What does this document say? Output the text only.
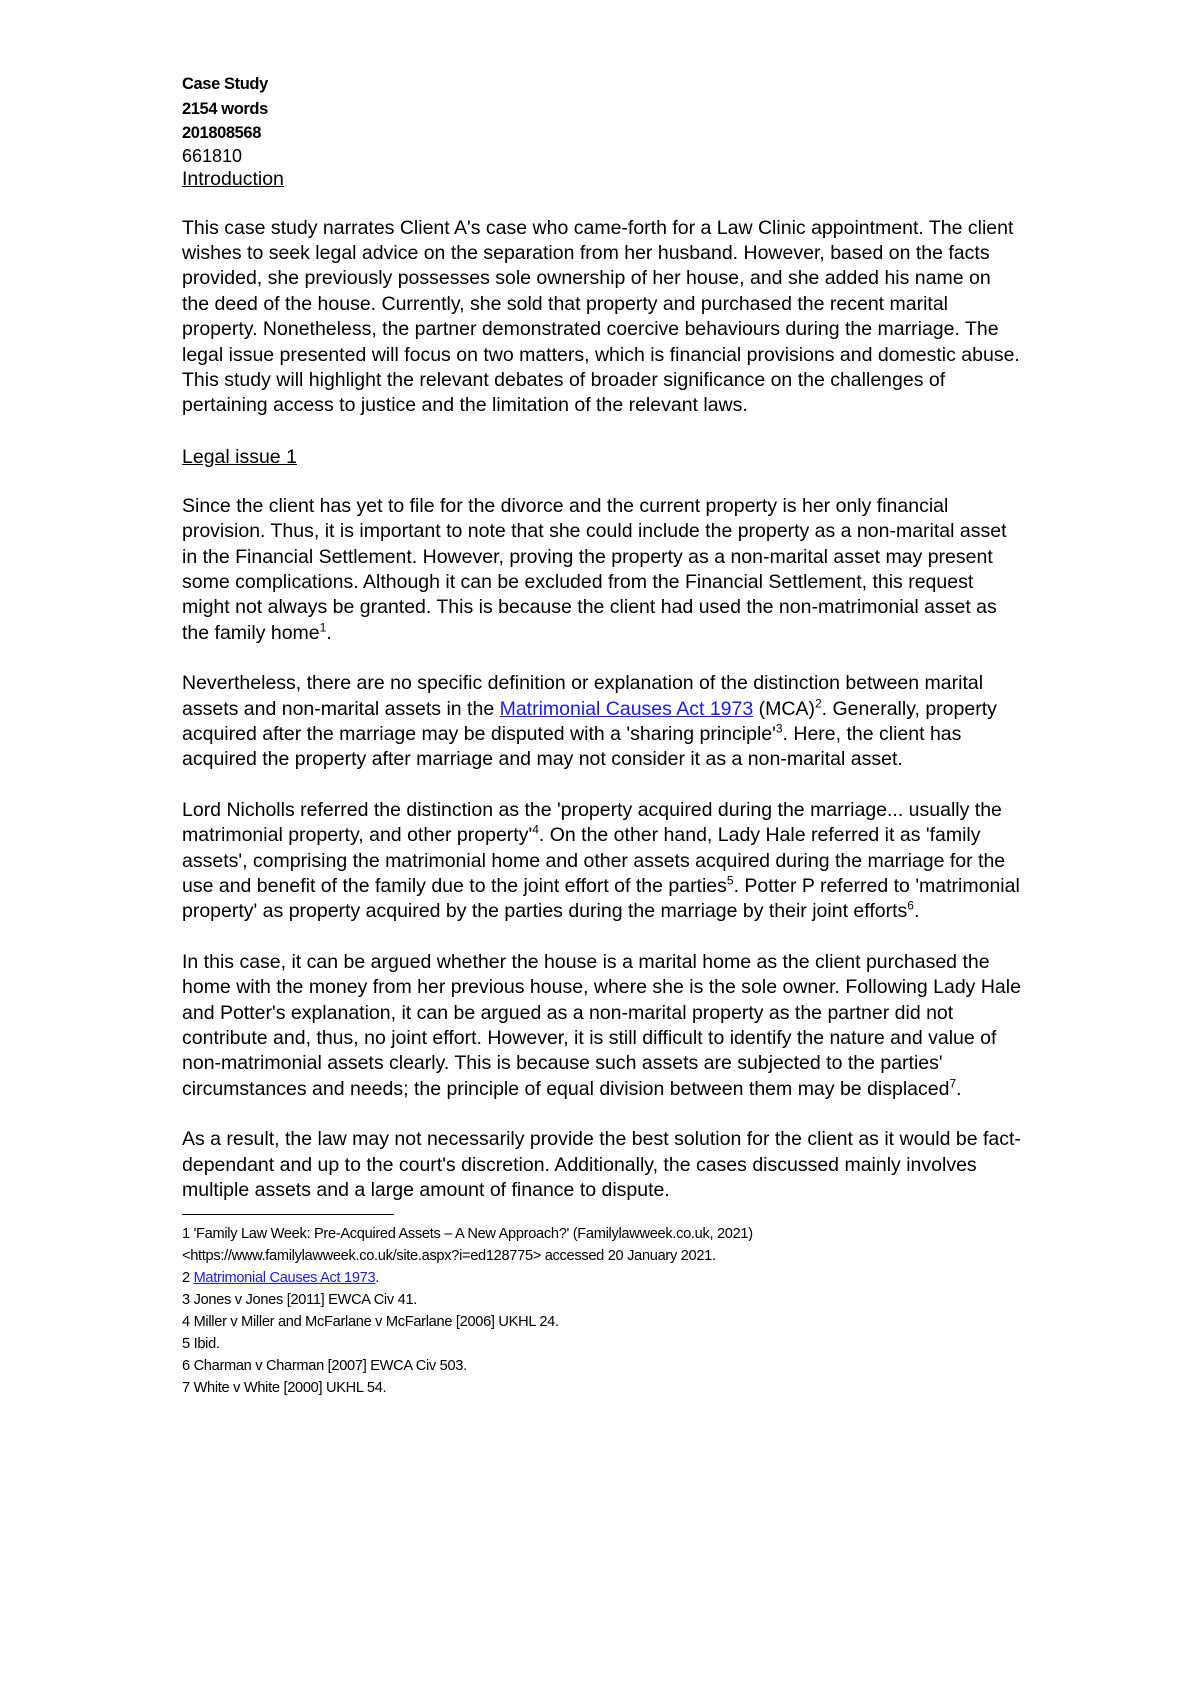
Case Study
2154 words
201808568
661810
Introduction

This case study narrates Client A's case who came-forth for a Law Clinic appointment. The client wishes to seek legal advice on the separation from her husband. However, based on the facts provided, she previously possesses sole ownership of her house, and she added his name on the deed of the house. Currently, she sold that property and purchased the recent marital property. Nonetheless, the partner demonstrated coercive behaviours during the marriage. The legal issue presented will focus on two matters, which is financial provisions and domestic abuse. This study will highlight the relevant debates of broader significance on the challenges of pertaining access to justice and the limitation of the relevant laws.

Legal issue 1

Since the client has yet to file for the divorce and the current property is her only financial provision. Thus, it is important to note that she could include the property as a non-marital asset in the Financial Settlement. However, proving the property as a non-marital asset may present some complications. Although it can be excluded from the Financial Settlement, this request might not always be granted. This is because the client had used the non-matrimonial asset as the family home$^1$.

Nevertheless, there are no specific definition or explanation of the distinction between marital assets and non-marital assets in the Matrimonial Causes Act 1973 (MCA)$^2$. Generally, property acquired after the marriage may be disputed with a 'sharing $principle'^3$. Here, the client has acquired the property after marriage and may not consider it as a non-marital asset.

Lord Nicholls referred the distinction as the 'property acquired during the marriage... usually the matrimonial property, and other $property'^4$. On the other hand, Lady Hale referred it as 'family assets', comprising the matrimonial home and other assets acquired during the marriage for the use and benefit of the family due to the joint effort of the parties$^5$. Potter P referred to 'matrimonial property' as property acquired by the parties during the marriage by their joint efforts$^6$.

In this case, it can be argued whether the house is a marital home as the client purchased the home with the money from her previous house, where she is the sole owner. Following Lady Hale and Potter's explanation, it can be argued as a non-marital property as the partner did not contribute and, thus, no joint effort. However, it is still difficult to identify the nature and value of non-matrimonial assets clearly. This is because such assets are subjected to the parties' circumstances and needs; the principle of equal division between them may be displaced$^7$.

As a result, the law may not necessarily provide the best solution for the client as it would be fact-dependant and up to the court's discretion. Additionally, the cases discussed mainly involves multiple assets and a large amount of finance to dispute.

1 'Family Law Week: Pre-Acquired Assets – A New Approach?' (Familylawweek.co.uk, 2021)
<https://www.familylawweek.co.uk/site.aspx?i=ed128775> accessed 20 January 2021.

2 Matrimonial Causes Act 1973.

3 Jones v Jones [2011] EWCA Civ 41.

4 Miller v Miller and McFarlane v McFarlane [2006] UKHL 24.

5 Ibid.

6 Charman v Charman [2007] EWCA Civ 503.

7 White v White [2000] UKHL 54.
